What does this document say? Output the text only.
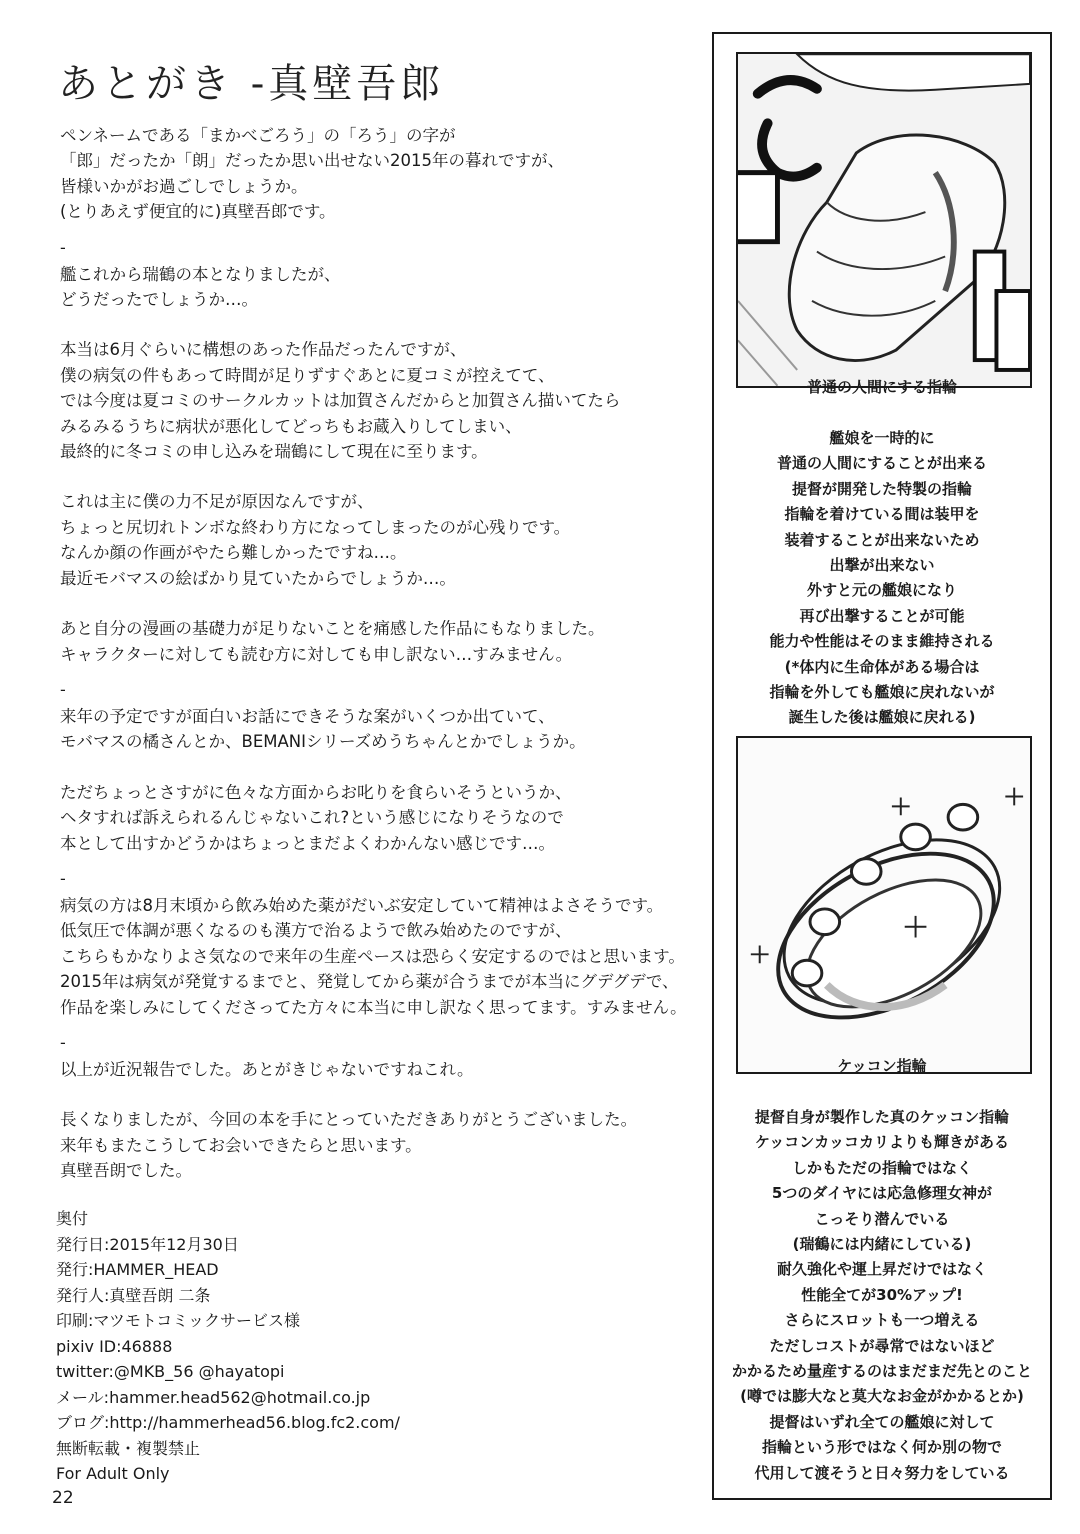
あとがき -真壁吾郎
ペンネームである「まかべごろう」の「ろう」の字が
「郎」だったか「朗」だったか思い出せない2015年の暮れですが、
皆様いかがお過ごしでしょうか。
(とりあえず便宜的に)真壁吾郎です。
-
艦これから瑞鶴の本となりましたが、
どうだったでしょうか…。
本当は6月ぐらいに構想のあった作品だったんですが、
僕の病気の件もあって時間が足りずすぐあとに夏コミが控えてて、
では今度は夏コミのサークルカットは加賀さんだからと加賀さん描いてたら
みるみるうちに病状が悪化してどっちもお蔵入りしてしまい、
最終的に冬コミの申し込みを瑞鶴にして現在に至ります。
これは主に僕の力不足が原因なんですが、
ちょっと尻切れトンボな終わり方になってしまったのが心残りです。
なんか顔の作画がやたら難しかったですね…。
最近モバマスの絵ばかり見ていたからでしょうか…。
あと自分の漫画の基礎力が足りないことを痛感した作品にもなりました。
キャラクターに対しても読む方に対しても申し訳ない…すみません。
-
来年の予定ですが面白いお話にできそうな案がいくつか出ていて、
モバマスの橘さんとか、BEMANIシリーズめうちゃんとかでしょうか。
ただちょっとさすがに色々な方面からお叱りを食らいそうというか、
ヘタすれば訴えられるんじゃないこれ?という感じになりそうなので
本として出すかどうかはちょっとまだよくわかんない感じです…。
-
病気の方は8月末頃から飲み始めた薬がだいぶ安定していて精神はよさそうです。
低気圧で体調が悪くなるのも漢方で治るようで飲み始めたのですが、
こちらもかなりよさ気なので来年の生産ペースは恐らく安定するのではと思います。
2015年は病気が発覚するまでと、発覚してから薬が合うまでが本当にグデグデで、
作品を楽しみにしてくださってた方々に本当に申し訳なく思ってます。すみません。
-
以上が近況報告でした。あとがきじゃないですねこれ。
長くなりましたが、今回の本を手にとっていただきありがとうございました。
来年もまたこうしてお会いできたらと思います。
真壁吾朗でした。
奥付
発行日:2015年12月30日
発行:HAMMER_HEAD
発行人:真壁吾朗 二条
印刷:マツモトコミックサービス様
pixiv ID:46888
twitter:@MKB_56 @hayatopi
メール:hammer.head562@hotmail.co.jp
ブログ:http://hammerhead56.blog.fc2.com/
無断転載・複製禁止
For Adult Only
22
普通の人間にする指輪
艦娘を一時的に
普通の人間にすることが出来る
提督が開発した特製の指輪
指輪を着けている間は装甲を
装着することが出来ないため
出撃が出来ない
外すと元の艦娘になり
再び出撃することが可能
能力や性能はそのまま維持される
(*体内に生命体がある場合は
指輪を外しても艦娘に戻れないが
誕生した後は艦娘に戻れる)
ケッコン指輪
提督自身が製作した真のケッコン指輪
ケッコンカッコカリよりも輝きがある
しかもただの指輪ではなく
5つのダイヤには応急修理女神が
こっそり潜んでいる
(瑞鶴には内緒にしている)
耐久強化や運上昇だけではなく
性能全てが30%アップ!
さらにスロットも一つ増える
ただしコストが尋常ではないほど
かかるため量産するのはまだまだ先とのこと
(噂では膨大なと莫大なお金がかかるとか)
提督はいずれ全ての艦娘に対して
指輪という形ではなく何か別の物で
代用して渡そうと日々努力をしている
